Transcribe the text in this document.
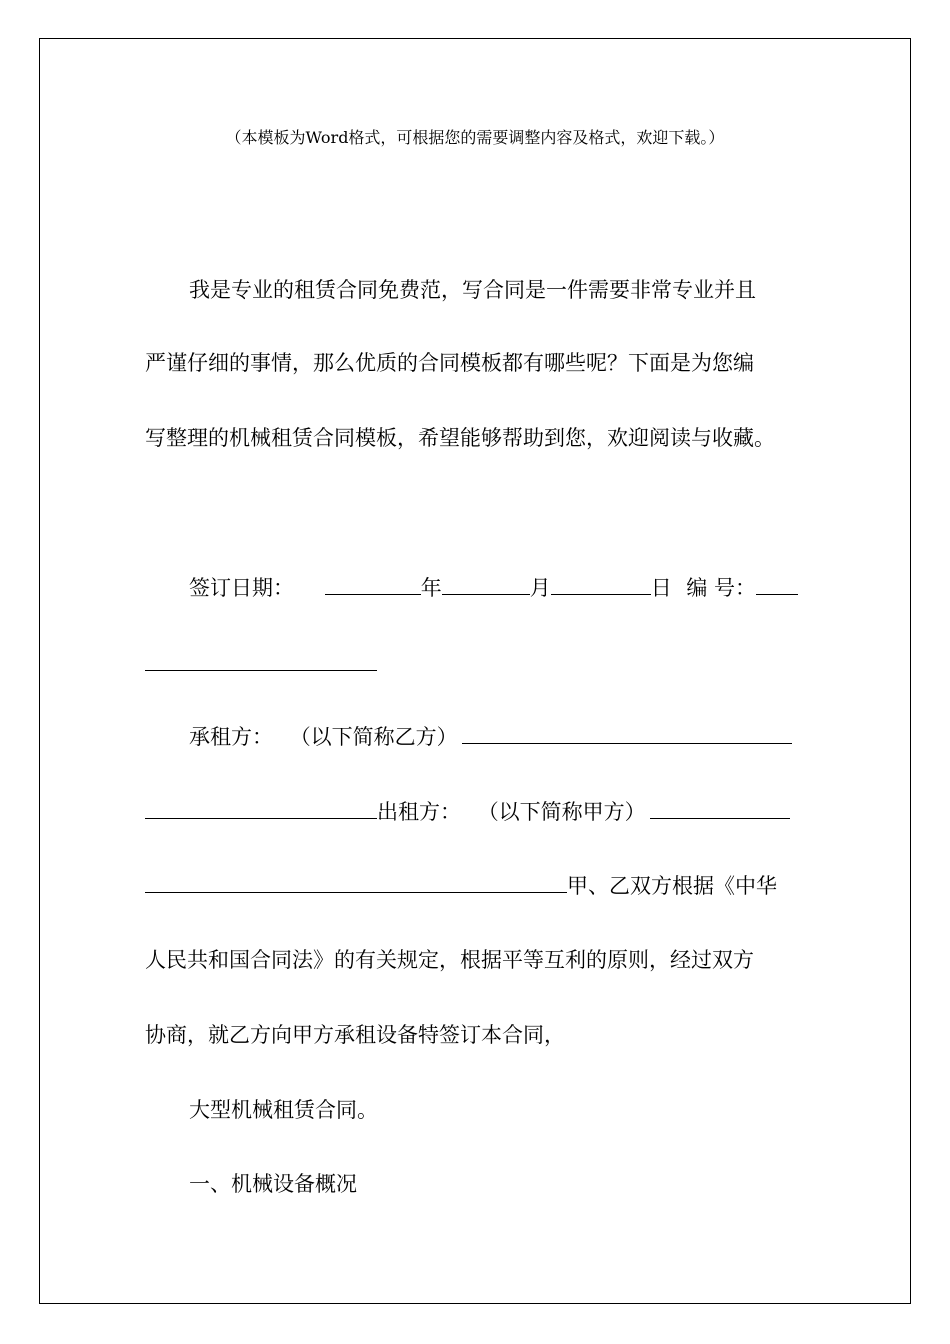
（本模板为Word格式，可根据您的需要调整内容及格式，欢迎下载。）
我是专业的租赁合同免费范，写合同是一件需要非常专业并且
严谨仔细的事情，那么优质的合同模板都有哪些呢？下面是为您编
写整理的机械租赁合同模板，希望能够帮助到您，欢迎阅读与收藏。
签订日期：	年	月	日 编 号：
承租方： （以下简称乙方）
出租方： （以下简称甲方）
甲、乙双方根据《中华
人民共和国合同法》的有关规定，根据平等互利的原则，经过双方
协商，就乙方向甲方承租设备特签订本合同，
大型机械租赁合同。
一、机械设备概况
